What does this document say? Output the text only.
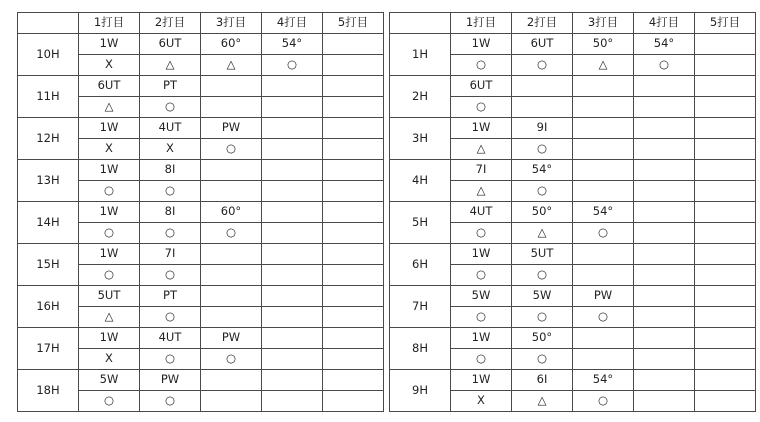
	1打目	2打目	3打目	4打目	5打目
10H	1W	6UT	60°	54°	
	X	△	△	○	
11H	6UT	PT			
	△	○			
12H	1W	4UT	PW		
	X	X	○		
13H	1W	8I			
	○	○			
14H	1W	8I	60°		
	○	○	○		
15H	1W	7I			
	○	○			
16H	5UT	PT			
	△	○			
17H	1W	4UT	PW		
	X	○	○		
18H	5W	PW			
	○	○			
	1打目	2打目	3打目	4打目	5打目
1H	1W	6UT	50°	54°	
	○	○	△	○	
2H	6UT				
	○				
3H	1W	9I			
	△	○			
4H	7I	54°			
	△	○			
5H	4UT	50°	54°		
	○	△	○		
6H	1W	5UT			
	○	○			
7H	5W	5W	PW		
	○	○	○		
8H	1W	50°			
	○	○			
9H	1W	6I	54°		
	X	△	○		
